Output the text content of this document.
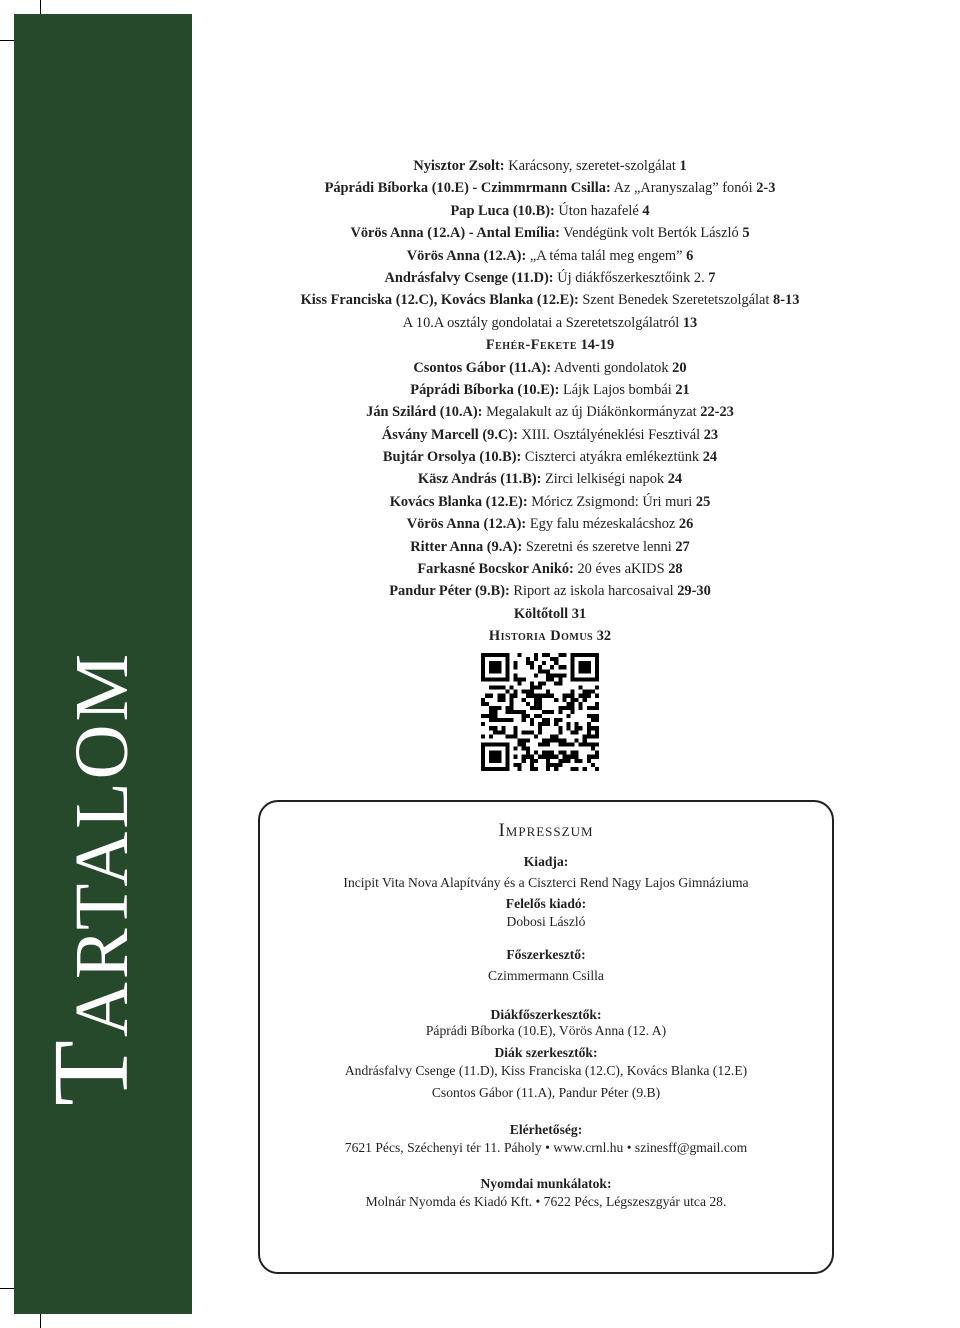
Tartalom
Nyisztor Zsolt: Karácsony, szeretet-szolgálat 1
Páprádi Bíborka (10.E) - Czimmrmann Csilla: Az „Aranyszalag” fonói 2-3
Pap Luca (10.B): Úton hazafelé 4
Vörös Anna (12.A) - Antal Emília: Vendégünk volt Bertók László 5
Vörös Anna (12.A): „A téma talál meg engem” 6
Andrásfalvy Csenge (11.D): Új diákfőszerkesztőink 2. 7
Kiss Franciska (12.C), Kovács Blanka (12.E): Szent Benedek Szeretetszolgálat 8-13
A 10.A osztály gondolatai a Szeretetszolgálatról 13
Fehér-Fekete 14-19
Csontos Gábor (11.A): Adventi gondolatok 20
Páprádi Bíborka (10.E): Lájk Lajos bombái 21
Ján Szilárd (10.A): Megalakult az új Diákönkormányzat 22-23
Ásvány Marcell (9.C): XIII. Osztályéneklési Fesztivál 23
Bujtár Orsolya (10.B): Ciszterci atyákra emlékeztünk 24
Käsz András (11.B): Zirci lelkiségi napok 24
Kovács Blanka (12.E): Móricz Zsigmond: Úri muri 25
Vörös Anna (12.A): Egy falu mézeskalácshoz 26
Ritter Anna (9.A): Szeretni és szeretve lenni 27
Farkasné Bocskor Anikó: 20 éves aKIDS 28
Pandur Péter (9.B): Riport az iskola harcosaival 29-30
Költőtoll 31
Historia Domus 32
Impresszum
Kiadja:
Incipit Vita Nova Alapítvány és a Ciszterci Rend Nagy Lajos Gimnáziuma
Felelős kiadó:
Dobosi László
Főszerkesztő:
Czimmermann Csilla
Diákfőszerkesztők:
Páprádi Bíborka (10.E), Vörös Anna (12. A)
Diák szerkesztők:
Andrásfalvy Csenge (11.D), Kiss Franciska (12.C), Kovács Blanka (12.E)
Csontos Gábor (11.A), Pandur Péter (9.B)
Elérhetőség:
7621 Pécs, Széchenyi tér 11. Páholy • www.crnl.hu • szinesff@gmail.com
Nyomdai munkálatok:
Molnár Nyomda és Kiadó Kft. • 7622 Pécs, Légszeszgyár utca 28.
